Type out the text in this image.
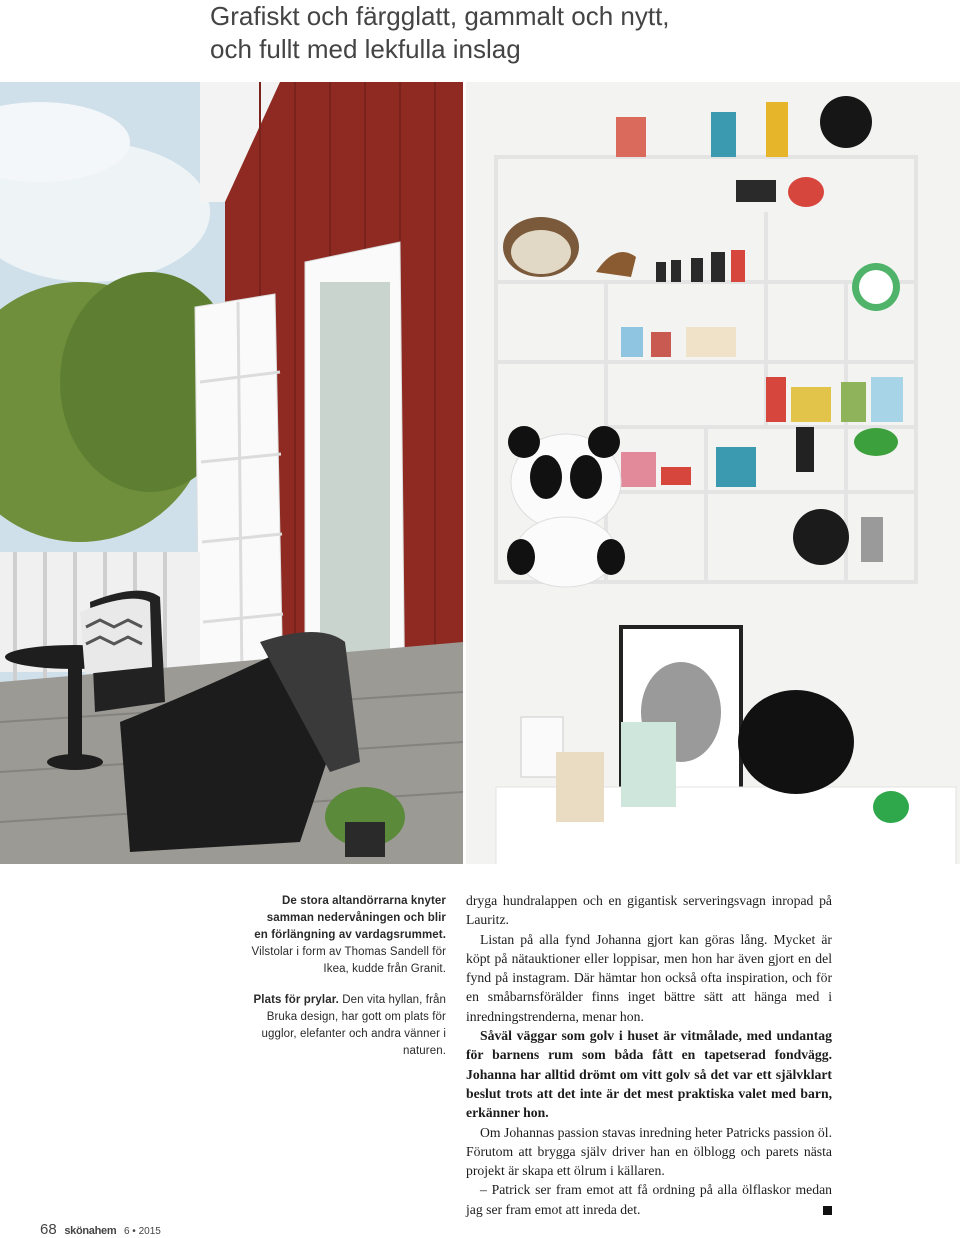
Grafiskt och färgglatt, gammalt och nytt,
och fullt med lekfulla inslag

De stora altandörrarna knyter samman nedervåningen och blir en förlängning av vardagsrummet. Vilstolar i form av Thomas Sandell för Ikea, kudde från Granit.

Plats för prylar. Den vita hyllan, från Bruka design, har gott om plats för ugglor, elefanter och andra vänner i naturen.

dryga hundralappen och en gigantisk serveringsvagn inropad på Lauritz.

Listan på alla fynd Johanna gjort kan göras lång. Mycket är köpt på nätauktioner eller loppisar, men hon har även gjort en del fynd på instagram. Där hämtar hon också ofta inspiration, och för en småbarnsförälder finns inget bättre sätt att hänga med i inredningstrenderna, menar hon.

Såväl väggar som golv i huset är vitmålade, med undantag för barnens rum som båda fått en tapetserad fondvägg. Johanna har alltid drömt om vitt golv så det var ett självklart beslut trots att det inte är det mest praktiska valet med barn, erkänner hon.

Om Johannas passion stavas inredning heter Patricks passion öl. Förutom att brygga själv driver han en ölblogg och parets nästa projekt är skapa ett ölrum i källaren.

– Patrick ser fram emot att få ordning på alla ölflaskor medan jag ser fram emot att inreda det.

68 skönahem 6 • 2015
